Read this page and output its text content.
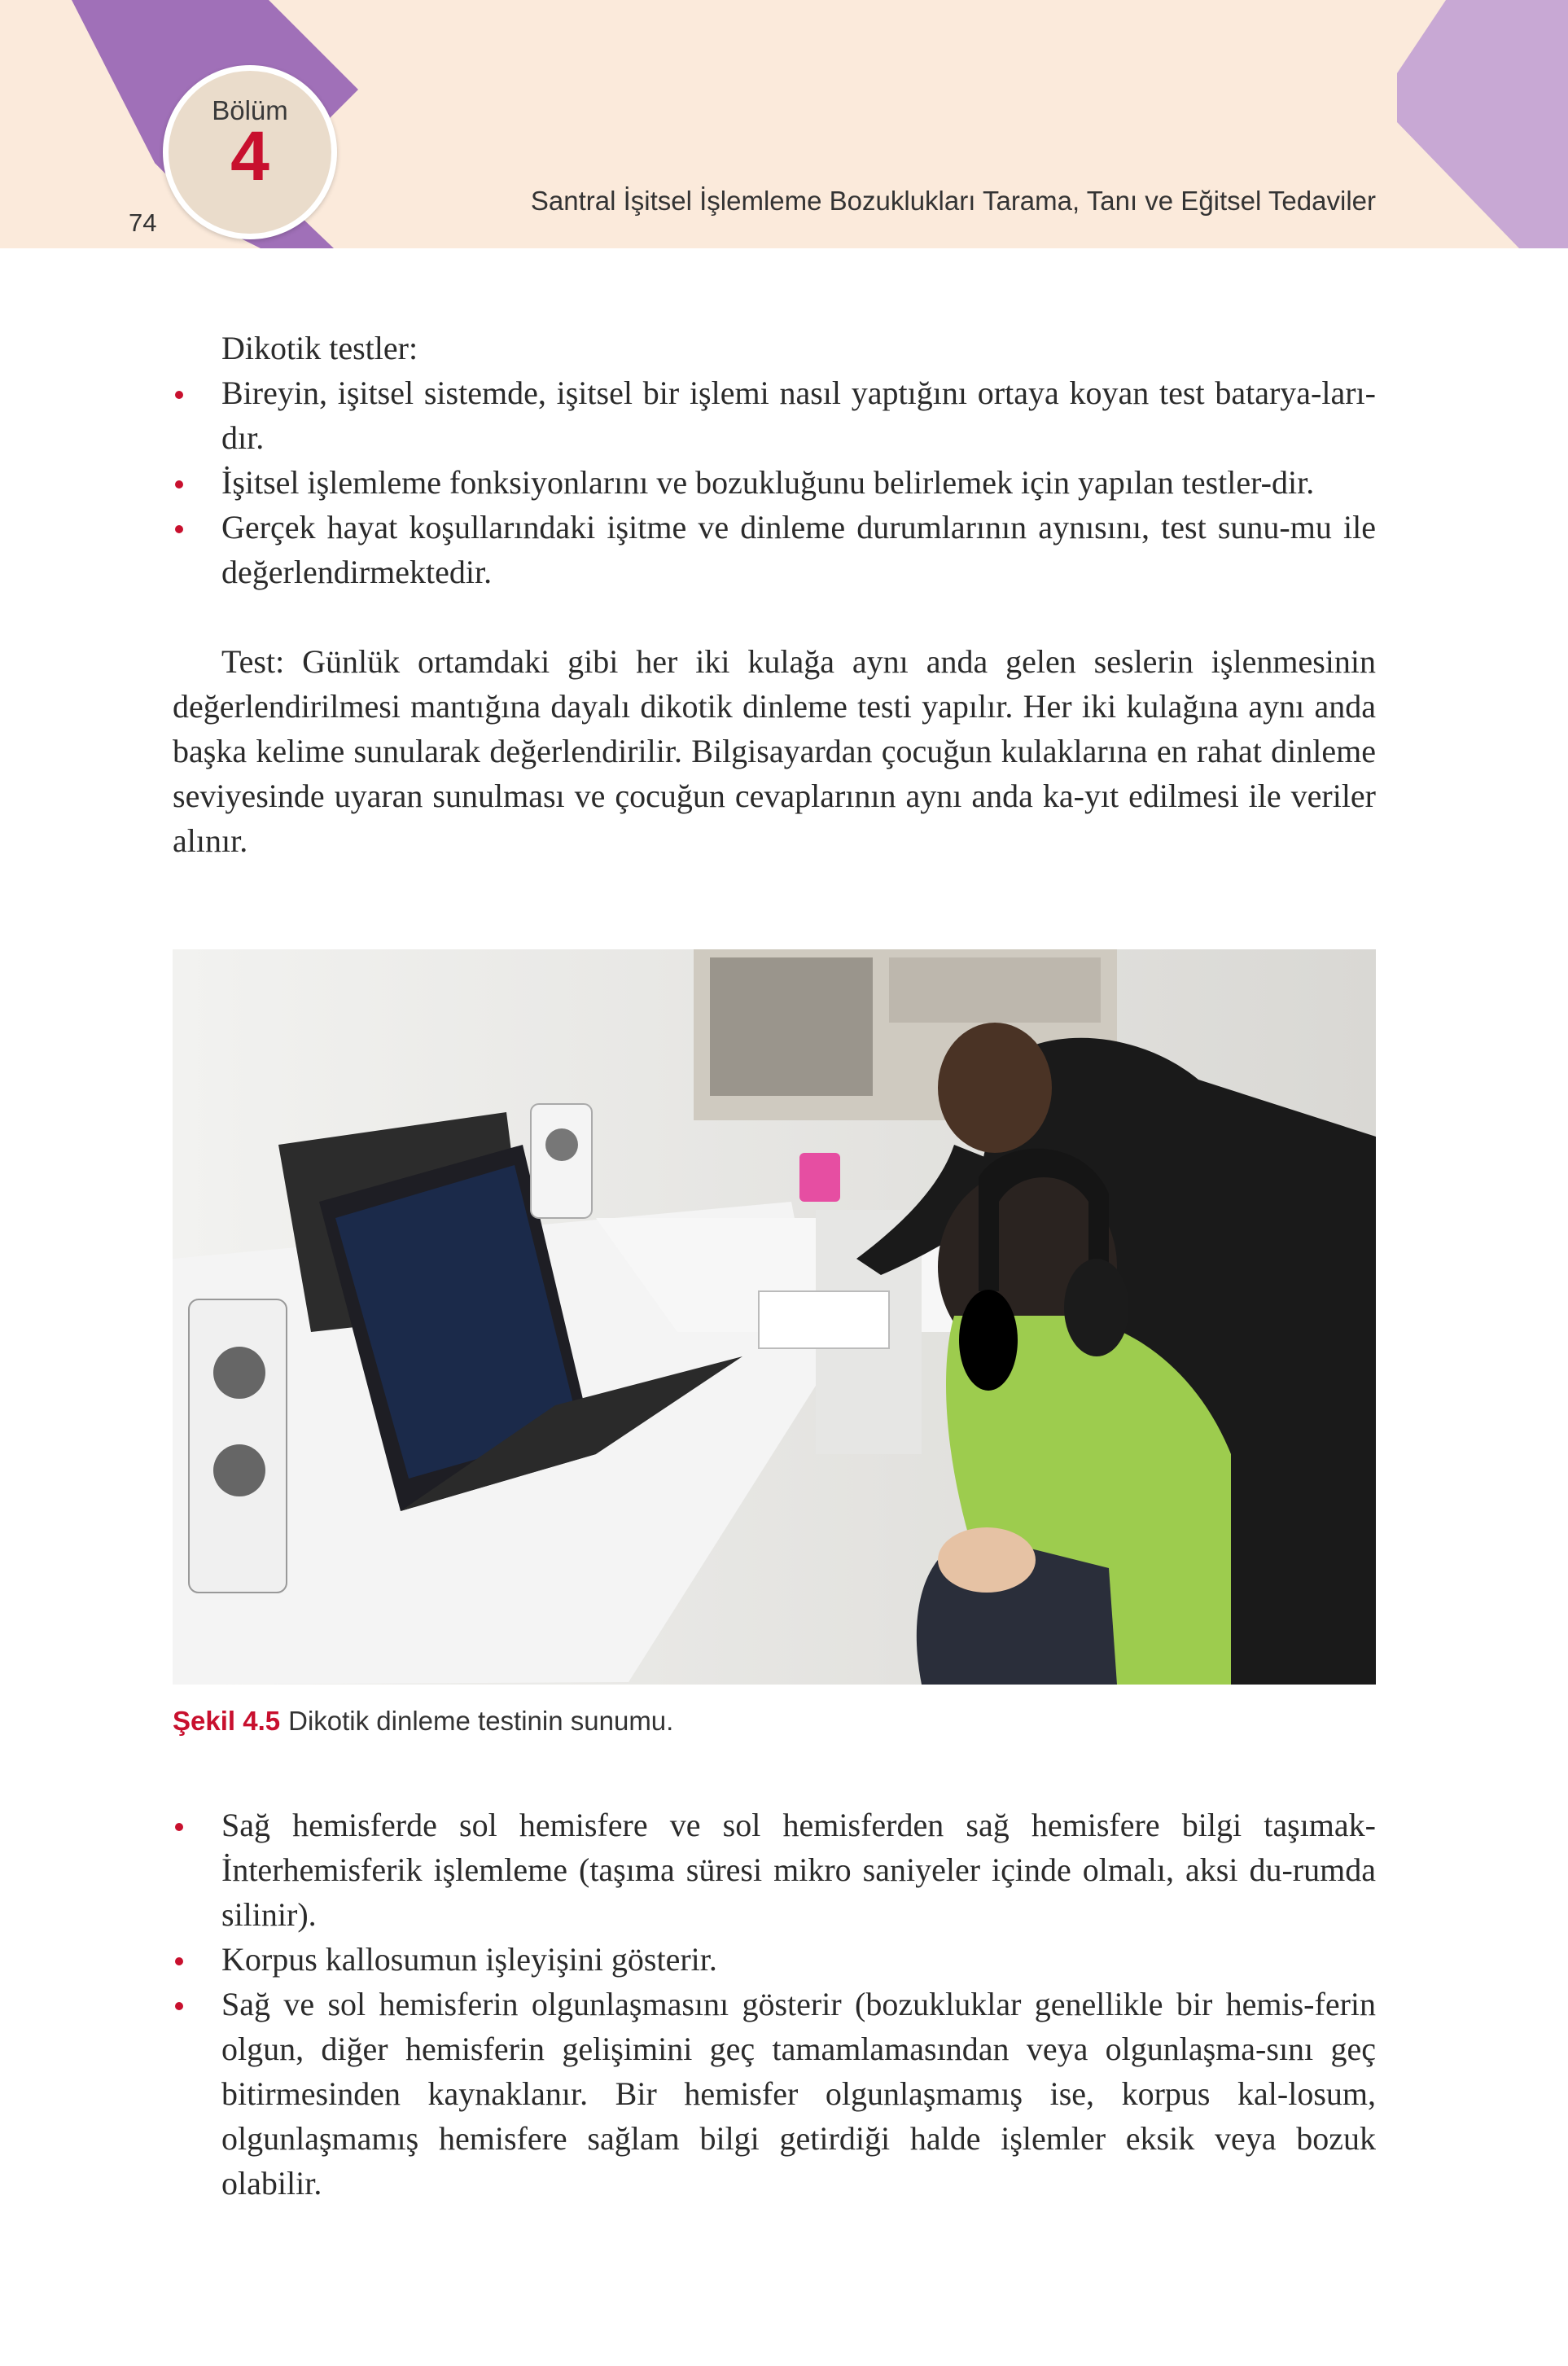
Bölüm
4
74
Santral İşitsel İşlemleme Bozuklukları Tarama, Tanı ve Eğitsel Tedaviler

Dikotik testler:

Bireyin, işitsel sistemde, işitsel bir işlemi nasıl yaptığını ortaya koyan test batarya-larıdır.
İşitsel işlemleme fonksiyonlarını ve bozukluğunu belirlemek için yapılan testler-dir.
Gerçek hayat koşullarındaki işitme ve dinleme durumlarının aynısını, test sunu-mu ile değerlendirmektedir.

Test: Günlük ortamdaki gibi her iki kulağa aynı anda gelen seslerin işlenmesinin değerlendirilmesi mantığına dayalı dikotik dinleme testi yapılır. Her iki kulağına aynı anda başka kelime sunularak değerlendirilir. Bilgisayardan çocuğun kulaklarına en rahat dinleme seviyesinde uyaran sunulması ve çocuğun cevaplarının aynı anda ka-yıt edilmesi ile veriler alınır.

Şekil 4.5 Dikotik dinleme testinin sunumu.
Sağ hemisferde sol hemisfere ve sol hemisferden sağ hemisfere bilgi taşımak- İnterhemisferik işlemleme (taşıma süresi mikro saniyeler içinde olmalı, aksi du-rumda silinir).
Korpus kallosumun işleyişini gösterir.
Sağ ve sol hemisferin olgunlaşmasını gösterir (bozukluklar genellikle bir hemis-ferin olgun, diğer hemisferin gelişimini geç tamamlamasından veya olgunlaşma-sını geç bitirmesinden kaynaklanır. Bir hemisfer olgunlaşmamış ise, korpus kal-losum, olgunlaşmamış hemisfere sağlam bilgi getirdiği halde işlemler eksik veya bozuk olabilir.
